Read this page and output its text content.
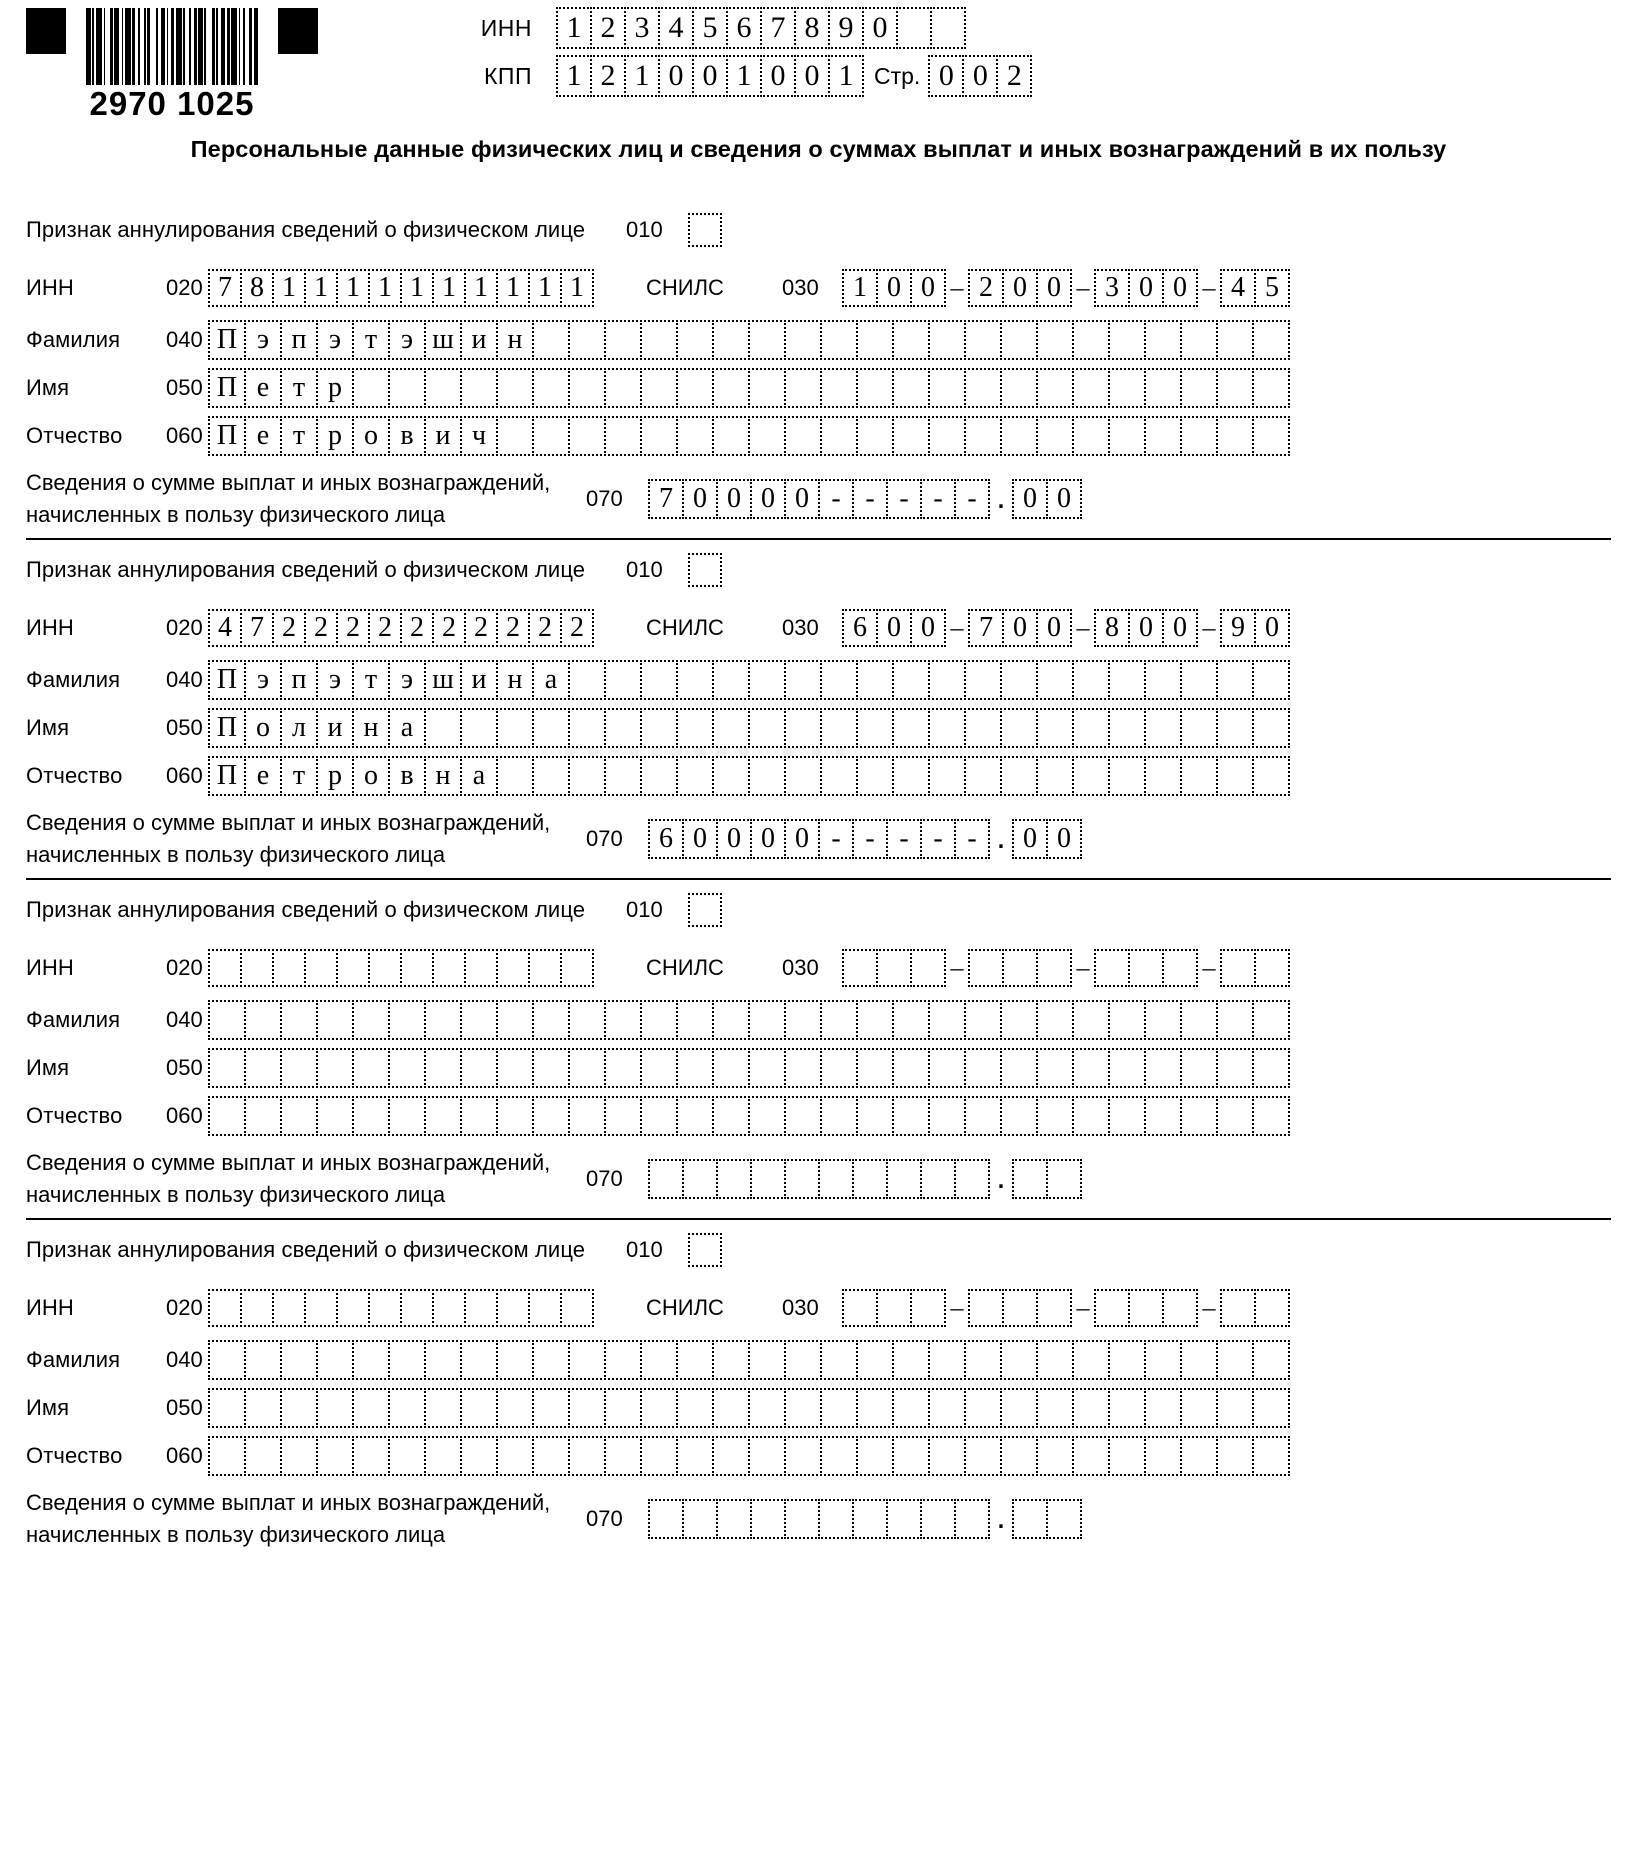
2970 1025
ИНН	1 2 3 4 5 6 7 8 9 0
КПП	1 2 1 0 0 1 0 0 1 Стр. 0 0 2
Персональные данные физических лиц и сведения о суммах выплат и иных вознаграждений в их пользу
nalog.ru
Признак аннулирования сведений о физическом лице	010
ИНН	020 7 8 1 1 1 1 1 1 1 1 1 1	СНИЛС	030	1 0 0 – 2 0 0 – 3 0 0 – 4 5
Фамилия	040 П э п э т э ш и н
Имя	050 П е т р
Отчество	060 П е т р о в и ч
Сведения о сумме выплат и иных вознаграждений,
начисленных в пользу физического лица
070	7 0 0 0 0 - - - - - . 0 0
Признак аннулирования сведений о физическом лице	010
ИНН	020 4 7 2 2 2 2 2 2 2 2 2 2	СНИЛС	030	6 0 0 – 7 0 0 – 8 0 0 – 9 0
Фамилия	040 П э п э т э ш и н а
Имя	050 П о л и н а
Отчество	060 П е т р о в н а
Сведения о сумме выплат и иных вознаграждений,
начисленных в пользу физического лица
070	6 0 0 0 0 - - - - - . 0 0
Признак аннулирования сведений о физическом лице	010
ИНН	020	СНИЛС	030	–	–	–
Фамилия	040
Имя	050
Отчество	060
Сведения о сумме выплат и иных вознаграждений,
начисленных в пользу физического лица
070	.
Признак аннулирования сведений о физическом лице	010
ИНН	020	СНИЛС	030	–	–	–
Фамилия	040
Имя	050
Отчество	060
Сведения о сумме выплат и иных вознаграждений,
начисленных в пользу физического лица
070	.
